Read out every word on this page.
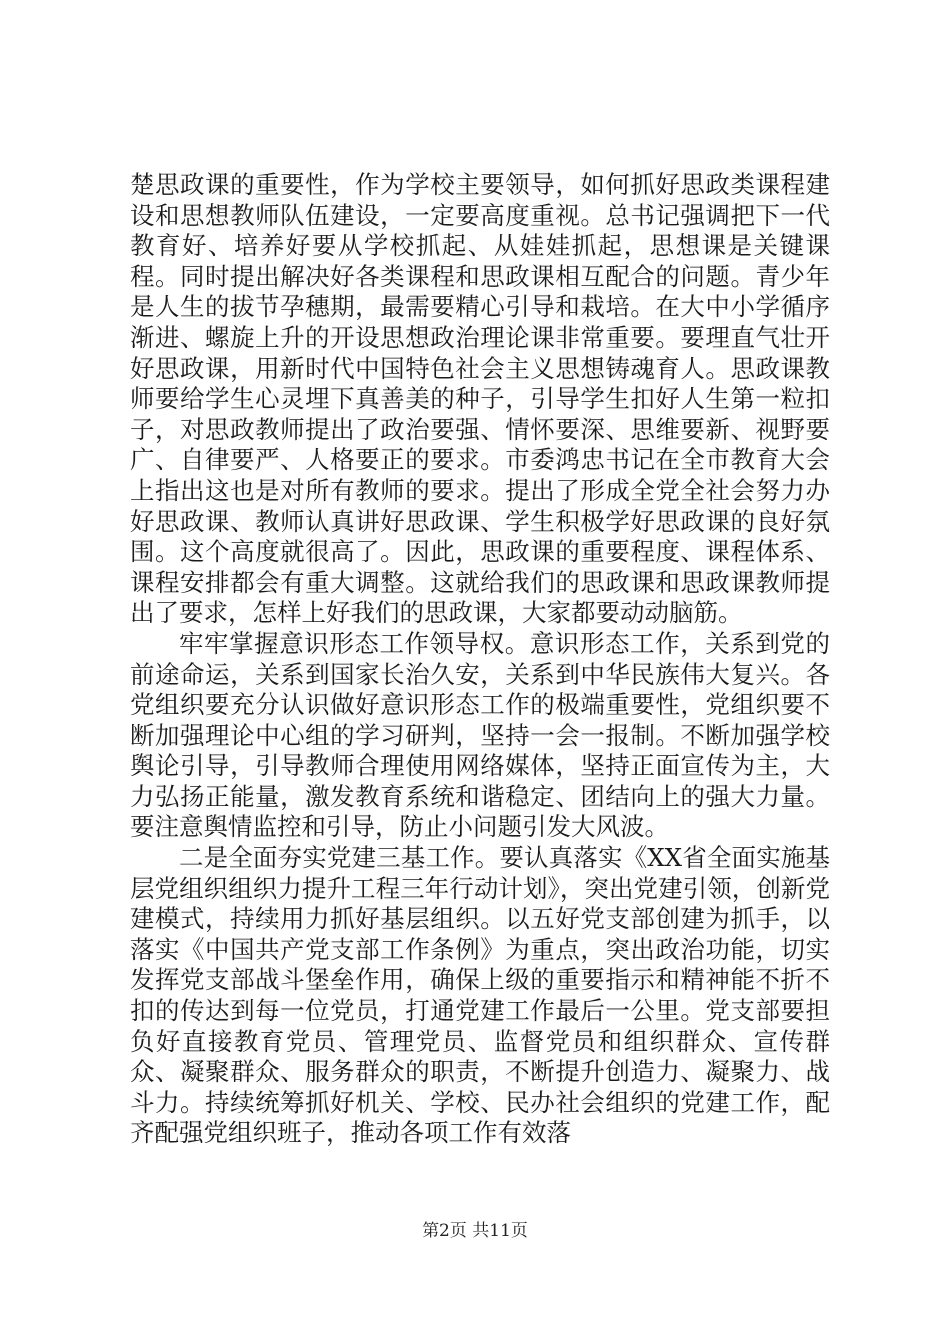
楚思政课的重要性，作为学校主要领导，如何抓好思政类课程建设和思想教师队伍建设，一定要高度重视。总书记强调把下一代教育好、培养好要从学校抓起、从娃娃抓起，思想课是关键课程。同时提出解决好各类课程和思政课相互配合的问题。青少年是人生的拔节孕穗期，最需要精心引导和栽培。在大中小学循序渐进、螺旋上升的开设思想政治理论课非常重要。要理直气壮开好思政课，用新时代中国特色社会主义思想铸魂育人。思政课教师要给学生心灵埋下真善美的种子，引导学生扣好人生第一粒扣子，对思政教师提出了政治要强、情怀要深、思维要新、视野要广、自律要严、人格要正的要求。市委鸿忠书记在全市教育大会上指出这也是对所有教师的要求。提出了形成全党全社会努力办好思政课、教师认真讲好思政课、学生积极学好思政课的良好氛围。这个高度就很高了。因此，思政课的重要程度、课程体系、课程安排都会有重大调整。这就给我们的思政课和思政课教师提出了要求，怎样上好我们的思政课，大家都要动动脑筋。

牢牢掌握意识形态工作领导权。意识形态工作，关系到党的前途命运，关系到国家长治久安，关系到中华民族伟大复兴。各党组织要充分认识做好意识形态工作的极端重要性，党组织要不断加强理论中心组的学习研判，坚持一会一报制。不断加强学校舆论引导，引导教师合理使用网络媒体，坚持正面宣传为主，大力弘扬正能量，激发教育系统和谐稳定、团结向上的强大力量。要注意舆情监控和引导，防止小问题引发大风波。

二是全面夯实党建三基工作。要认真落实《XX省全面实施基层党组织组织力提升工程三年行动计划》，突出党建引领，创新党建模式，持续用力抓好基层组织。以五好党支部创建为抓手，以落实《中国共产党支部工作条例》为重点，突出政治功能，切实发挥党支部战斗堡垒作用，确保上级的重要指示和精神能不折不扣的传达到每一位党员，打通党建工作最后一公里。党支部要担负好直接教育党员、管理党员、监督党员和组织群众、宣传群众、凝聚群众、服务群众的职责，不断提升创造力、凝聚力、战斗力。持续统筹抓好机关、学校、民办社会组织的党建工作，配齐配强党组织班子，推动各项工作有效落

第2页 共11页
